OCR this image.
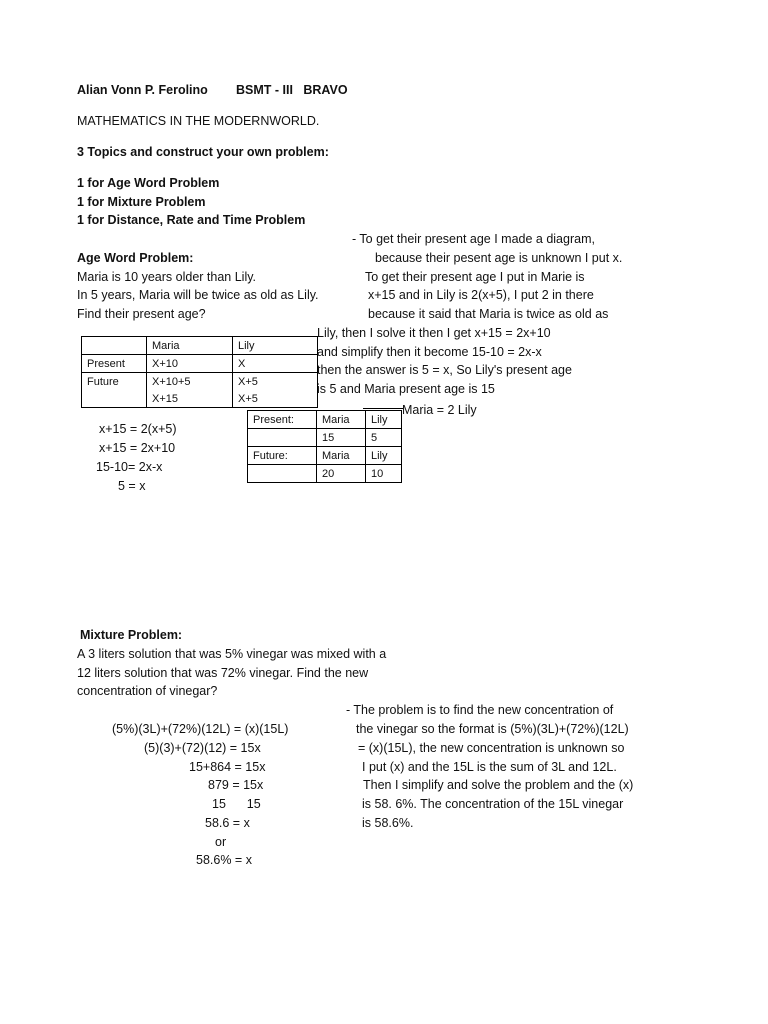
Alian Vonn P. Ferolino BSMT - III   BRAVO
MATHEMATICS IN THE MODERNWORLD.
3 Topics and construct your own problem:
1 for Age Word Problem
1 for Mixture Problem
1 for Distance, Rate and Time Problem
Age Word Problem:
Maria is 10 years older than Lily.
In 5 years, Maria will be twice as old as Lily.
Find their present age?
- To get their present age I made a diagram,
because their pesent age is unknown I put x.
To get their present age I put in Marie is
x+15 and in Lily is 2(x+5), I put 2 in there
because it said that Maria is twice as old as
Lily, then I solve it then I get x+15 = 2x+10
and simplify then it become 15-10 = 2x-x
then the answer is 5 = x, So Lily's present age
is 5 and Maria present age is 15
Maria = 2 Lily
	Maria	Lily
Present	X+10	X
Future	X+10+5	X+5
	X+15	X+5
Present:	Maria	Lily
	15	5
Future:	Maria	Lily
	20	10
x+15 = 2(x+5)
x+15 = 2x+10
15-10= 2x-x
5 = x
Mixture Problem:
A 3 liters solution that was 5% vinegar was mixed with a
12 liters solution that was 72% vinegar. Find the new
concentration of vinegar?
(5%)(3L)+(72%)(12L) = (x)(15L)
(5)(3)+(72)(12) = 15x
15+864 = 15x
879 = 15x
15      15
58.6 = x
or
58.6% = x
- The problem is to find the new concentration of
the vinegar so the format is (5%)(3L)+(72%)(12L)
= (x)(15L), the new concentration is unknown so
I put (x) and the 15L is the sum of 3L and 12L.
Then I simplify and solve the problem and the (x)
is 58. 6%. The concentration of the 15L vinegar
is 58.6%.
